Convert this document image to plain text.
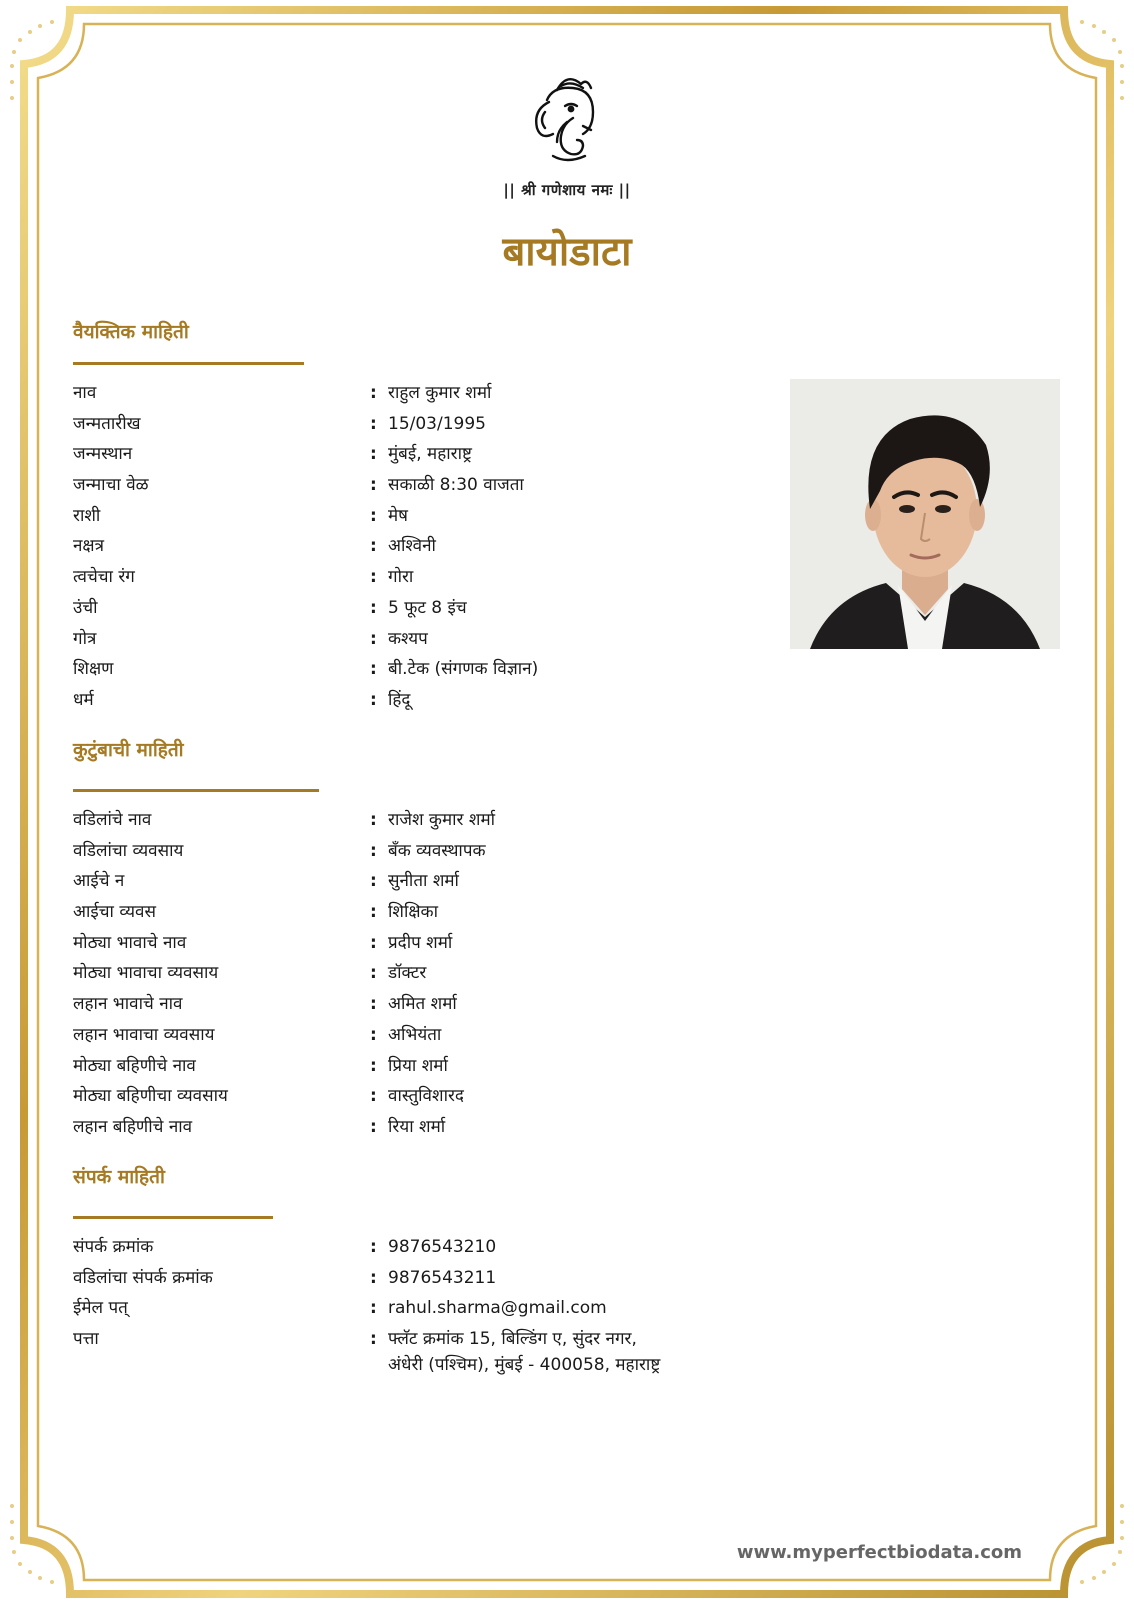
|| श्री गणेशाय नमः ||
बायोडाटा
वैयक्तिक माहिती
नाव	: राहुल कुमार शर्मा
जन्मतारीख	: 15/03/1995
जन्मस्थान	: मुंबई, महाराष्ट्र
जन्माचा वेळ	: सकाळी 8:30 वाजता
राशी	: मेष
नक्षत्र	: अश्विनी
त्वचेचा रंग	: गोरा
उंची	: 5 फूट 8 इंच
गोत्र	: कश्यप
शिक्षण	: बी.टेक (संगणक विज्ञान)
धर्म	: हिंदू
कुटुंबाची माहिती
वडिलांचे नाव	: राजेश कुमार शर्मा
वडिलांचा व्यवसाय	: बँक व्यवस्थापक
आईचे न	: सुनीता शर्मा
आईचा व्यवस	: शिक्षिका
मोठ्या भावाचे नाव	: प्रदीप शर्मा
मोठ्या भावाचा व्यवसाय	: डॉक्टर
लहान भावाचे नाव	: अमित शर्मा
लहान भावाचा व्यवसाय	: अभियंता
मोठ्या बहिणीचे नाव	: प्रिया शर्मा
मोठ्या बहिणीचा व्यवसाय	: वास्तुविशारद
लहान बहिणीचे नाव	: रिया शर्मा
संपर्क माहिती
संपर्क क्रमांक	: 9876543210
वडिलांचा संपर्क क्रमांक	: 9876543211
ईमेल पत्	: rahul.sharma@gmail.com
पत्ता	: फ्लॅट क्रमांक 15, बिल्डिंग ए, सुंदर नगर,
अंधेरी (पश्चिम), मुंबई - 400058, महाराष्ट्र
www.myperfectbiodata.com
